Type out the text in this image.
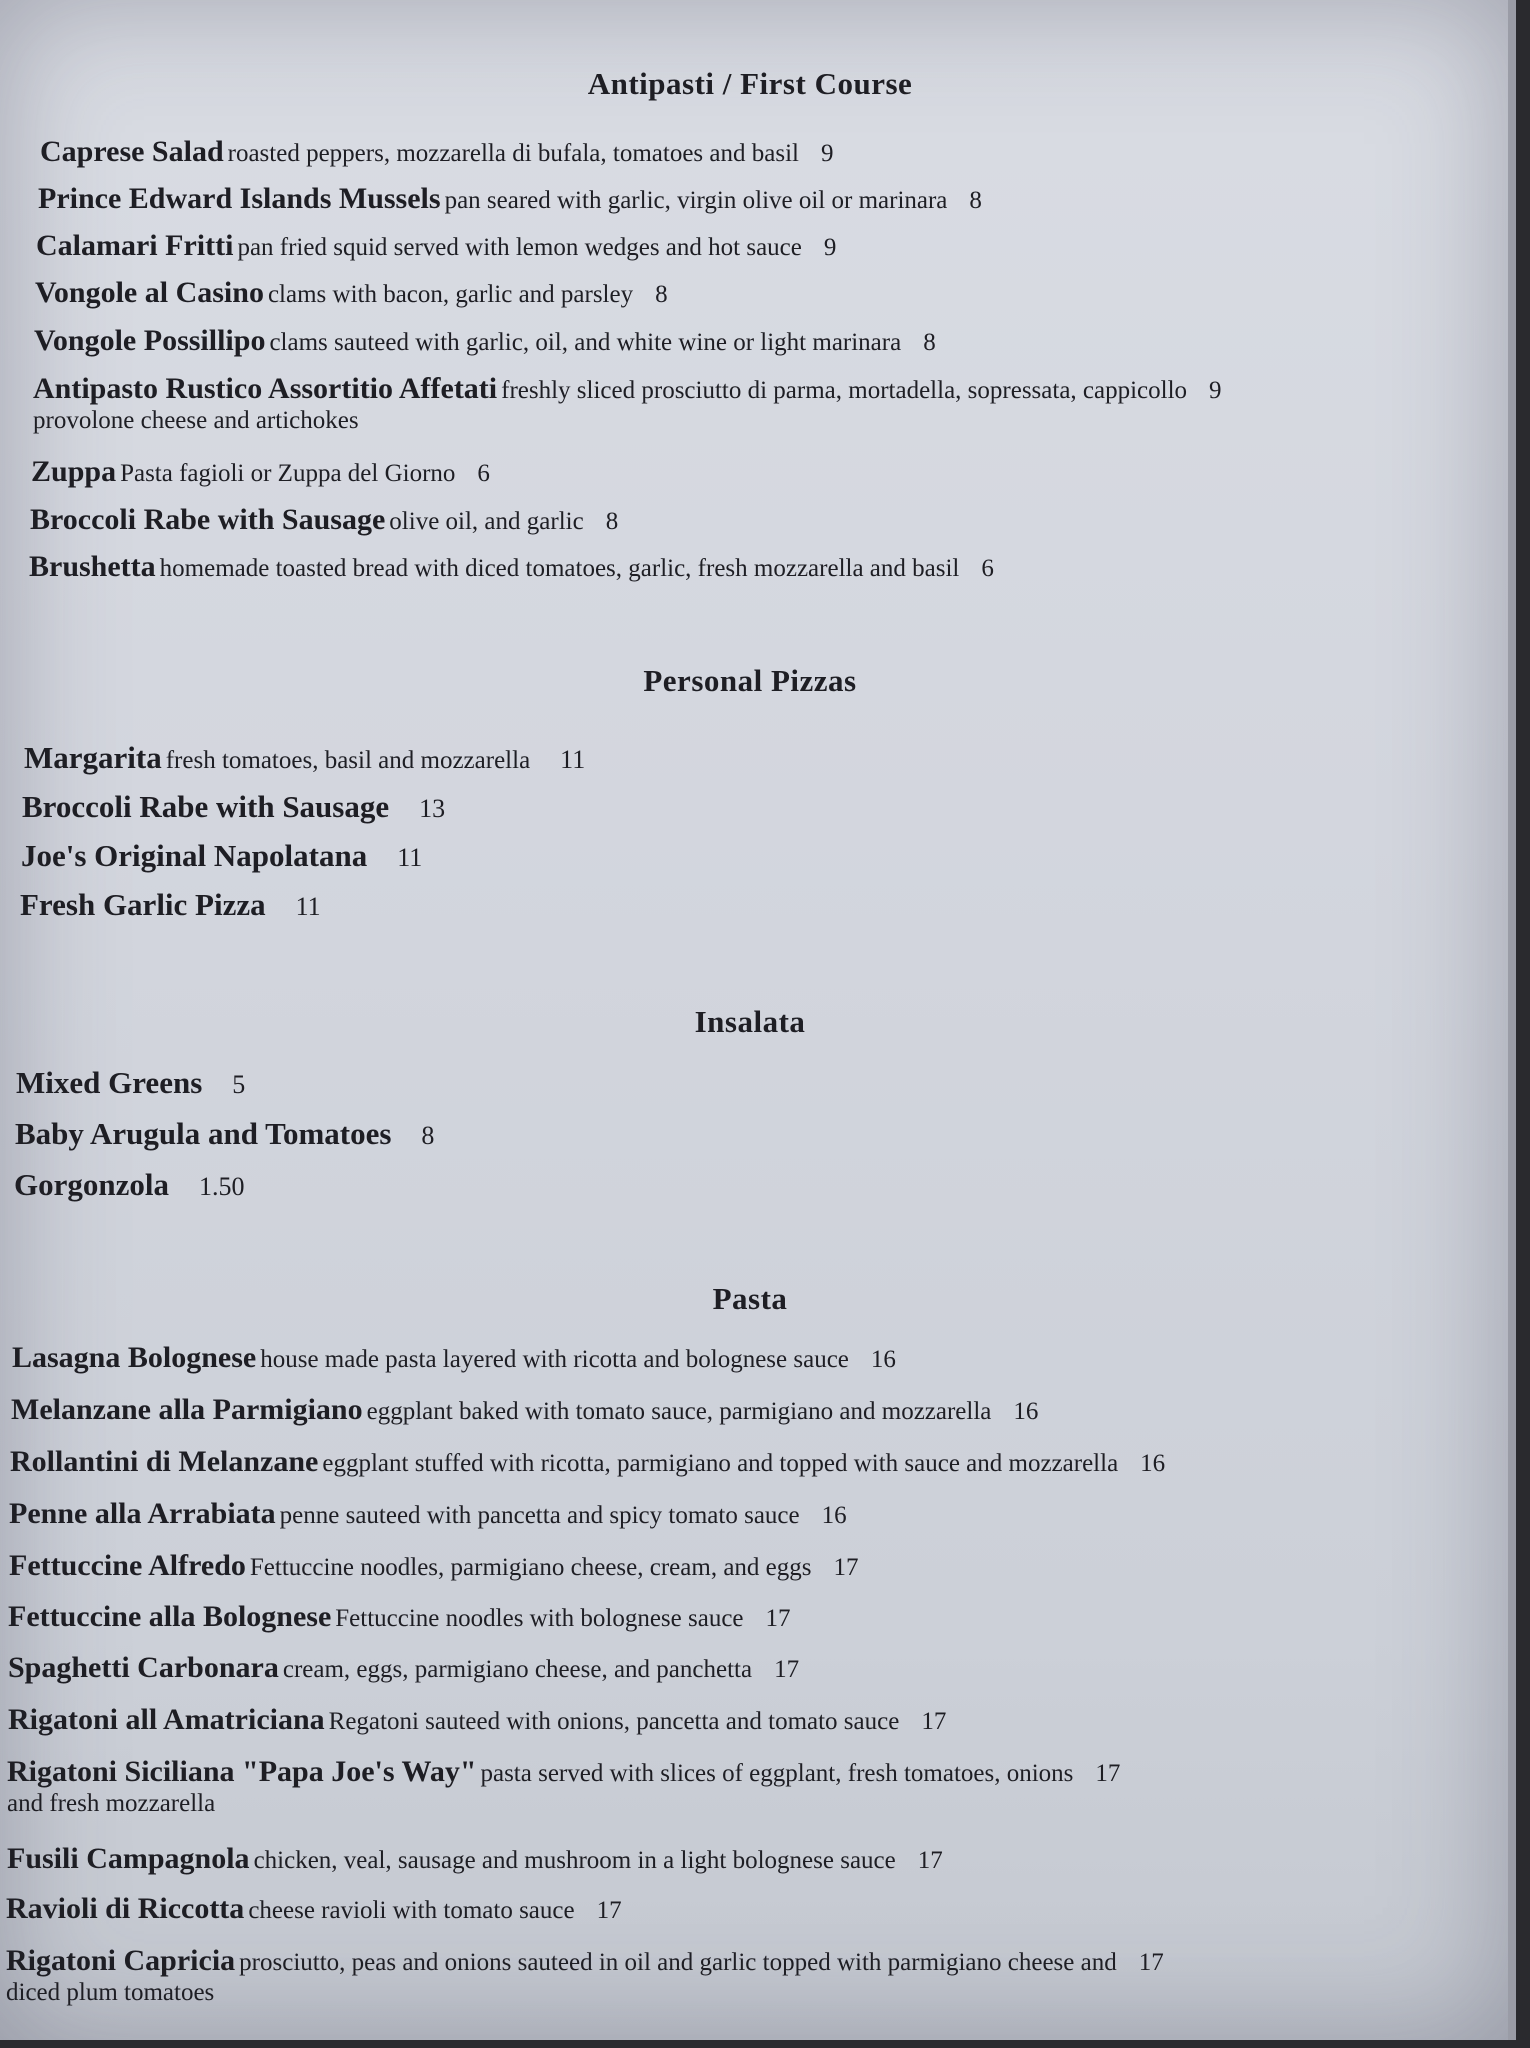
Antipasti / First Course
Caprese Salad roasted peppers, mozzarella di bufala, tomatoes and basil 9
Prince Edward Islands Mussels pan seared with garlic, virgin olive oil or marinara 8
Calamari Fritti pan fried squid served with lemon wedges and hot sauce 9
Vongole al Casino clams with bacon, garlic and parsley 8
Vongole Possillipo clams sauteed with garlic, oil, and white wine or light marinara 8
Antipasto Rustico Assortitio Affetati freshly sliced prosciutto di parma, mortadella, sopressata, cappicollo 9
provolone cheese and artichokes
Zuppa Pasta fagioli or Zuppa del Giorno 6
Broccoli Rabe with Sausage olive oil, and garlic 8
Brushetta homemade toasted bread with diced tomatoes, garlic, fresh mozzarella and basil 6
Personal Pizzas
Margarita fresh tomatoes, basil and mozzarella 11
Broccoli Rabe with Sausage 13
Joe's Original Napolatana 11
Fresh Garlic Pizza 11
Insalata
Mixed Greens 5
Baby Arugula and Tomatoes 8
Gorgonzola 1.50
Pasta
Lasagna Bolognese house made pasta layered with ricotta and bolognese sauce 16
Melanzane alla Parmigiano eggplant baked with tomato sauce, parmigiano and mozzarella 16
Rollantini di Melanzane eggplant stuffed with ricotta, parmigiano and topped with sauce and mozzarella 16
Penne alla Arrabiata penne sauteed with pancetta and spicy tomato sauce 16
Fettuccine Alfredo Fettuccine noodles, parmigiano cheese, cream, and eggs 17
Fettuccine alla Bolognese Fettuccine noodles with bolognese sauce 17
Spaghetti Carbonara cream, eggs, parmigiano cheese, and panchetta 17
Rigatoni all Amatriciana Regatoni sauteed with onions, pancetta and tomato sauce 17
Rigatoni Siciliana "Papa Joe's Way" pasta served with slices of eggplant, fresh tomatoes, onions 17
and fresh mozzarella
Fusili Campagnola chicken, veal, sausage and mushroom in a light bolognese sauce 17
Ravioli di Riccotta cheese ravioli with tomato sauce 17
Rigatoni Capricia prosciutto, peas and onions sauteed in oil and garlic topped with parmigiano cheese and 17
diced plum tomatoes
